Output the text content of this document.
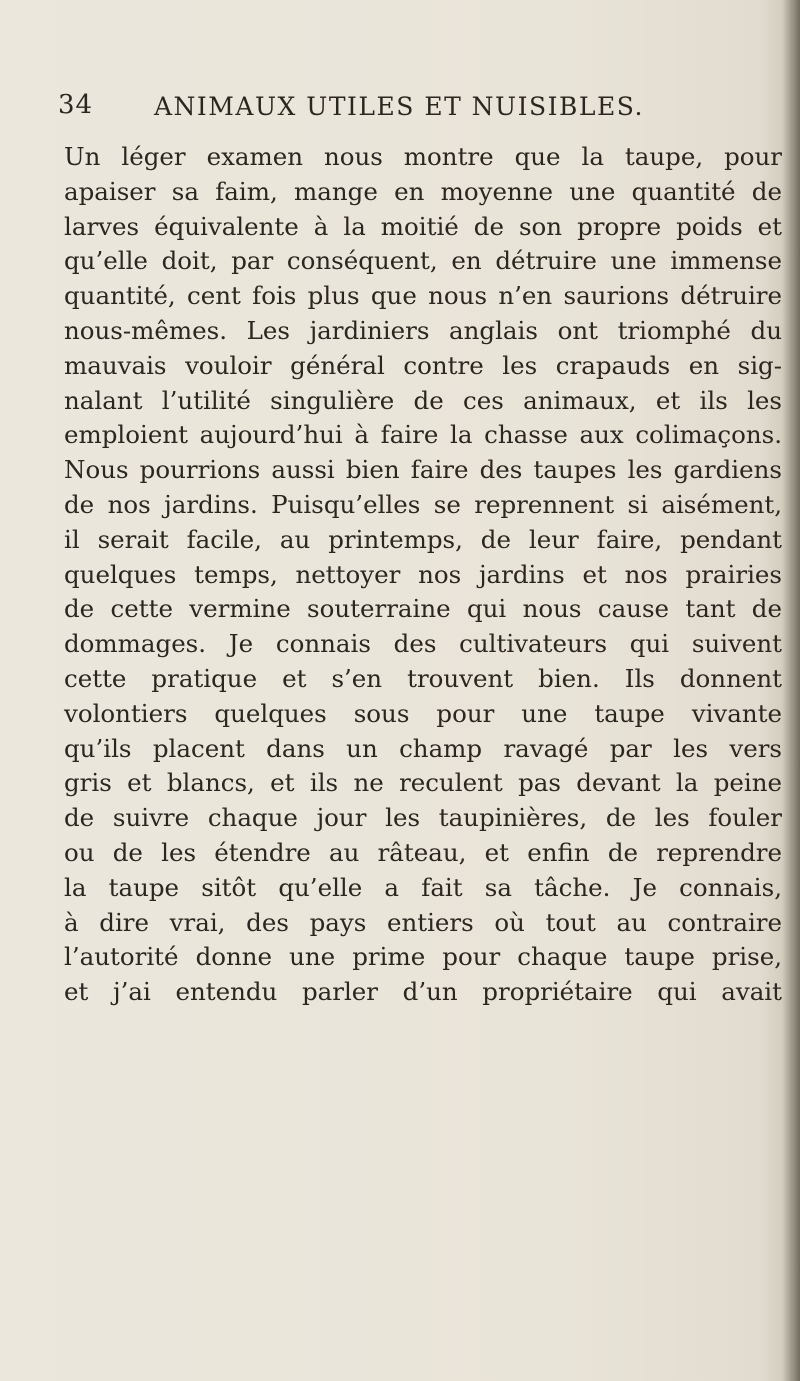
34 ANIMAUX UTILES ET NUISIBLES.
Un léger examen nous montre que la taupe, pour
apaiser sa faim, mange en moyenne une quantité de
larves équivalente à la moitié de son propre poids et
qu’elle doit, par conséquent, en détruire une immense
quantité, cent fois plus que nous n’en saurions détruire
nous-mêmes. Les jardiniers anglais ont triomphé du
mauvais vouloir général contre les crapauds en sig-
nalant l’utilité singulière de ces animaux, et ils les
emploient aujourd’hui à faire la chasse aux colimaçons.
Nous pourrions aussi bien faire des taupes les gardiens
de nos jardins. Puisqu’elles se reprennent si aisément,
il serait facile, au printemps, de leur faire, pendant
quelques temps, nettoyer nos jardins et nos prairies
de cette vermine souterraine qui nous cause tant de
dommages. Je connais des cultivateurs qui suivent
cette pratique et s’en trouvent bien. Ils donnent
volontiers quelques sous pour une taupe vivante
qu’ils placent dans un champ ravagé par les vers
gris et blancs, et ils ne reculent pas devant la peine
de suivre chaque jour les taupinières, de les fouler
ou de les étendre au râteau, et enfin de reprendre
la taupe sitôt qu’elle a fait sa tâche. Je connais,
à dire vrai, des pays entiers où tout au contraire
l’autorité donne une prime pour chaque taupe prise,
et j’ai entendu parler d’un propriétaire qui avait
